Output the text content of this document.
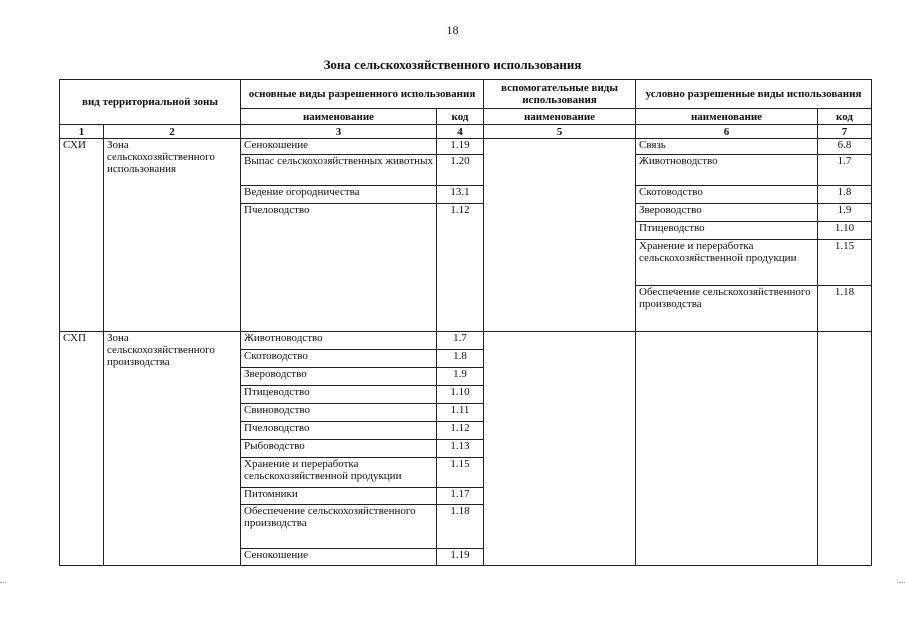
18
Зона сельскохозяйственного использования
вид территориальной зоны		основные виды разрешенного использования		вспомогательные виды использования	условно разрешенные виды использования	
		наименование	код	наименование	наименование	код
1	2	3	4	5	6	7
СХИ	Зона сельскохозяйственного использования	Сенокошение	1.19		Связь	6.8
		Выпас сельскохозяйственных животных	1.20		Животноводство	1.7
		Ведение огородничества	13.1		Скотоводство	1.8
		Пчеловодство	1.12		Звероводство	1.9
					Птицеводство	1.10
					Хранение и переработка сельскохозяйственной продукции	1.15
					Обеспечение сельскохозяйственного производства	1.18
СХП	Зона сельскохозяйственного производства	Животноводство	1.7			
		Скотоводство	1.8			
		Звероводство	1.9			
		Птицеводство	1.10			
		Свиноводство	1.11			
		Пчеловодство	1.12			
		Рыбоводство	1.13			
		Хранение и переработка сельскохозяйственной продукции	1.15			
		Питомники	1.17			
		Обеспечение сельскохозяйственного производства	1.18			
		Сенокошение	1.19			
